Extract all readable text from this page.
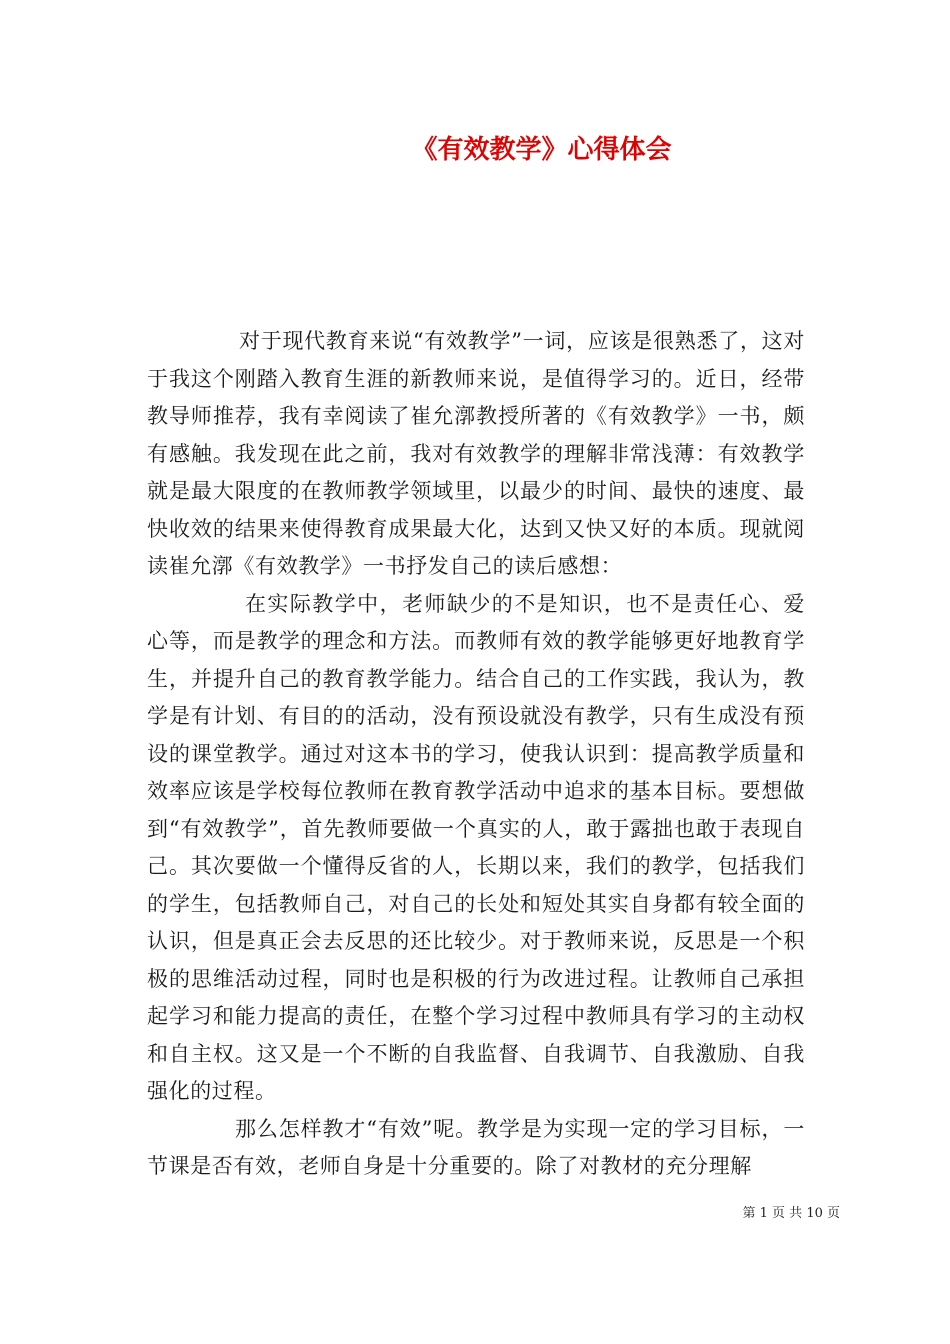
《有效教学》心得体会

对于现代教育来说“有效教学”一词，应该是很熟悉了，这对于我这个刚踏入教育生涯的新教师来说，是值得学习的。近日，经带教导师推荐，我有幸阅读了崔允漷教授所著的《有效教学》一书，颇有感触。我发现在此之前，我对有效教学的理解非常浅薄：有效教学就是最大限度的在教师教学领域里，以最少的时间、最快的速度、最快收效的结果来使得教育成果最大化，达到又快又好的本质。现就阅读崔允漷《有效教学》一书抒发自己的读后感想：

在实际教学中，老师缺少的不是知识，也不是责任心、爱心等，而是教学的理念和方法。而教师有效的教学能够更好地教育学生，并提升自己的教育教学能力。结合自己的工作实践，我认为，教学是有计划、有目的的活动，没有预设就没有教学，只有生成没有预设的课堂教学。通过对这本书的学习，使我认识到：提高教学质量和效率应该是学校每位教师在教育教学活动中追求的基本目标。要想做到“有效教学”，首先教师要做一个真实的人，敢于露拙也敢于表现自己。其次要做一个懂得反省的人，长期以来，我们的教学，包括我们的学生，包括教师自己，对自己的长处和短处其实自身都有较全面的认识，但是真正会去反思的还比较少。对于教师来说，反思是一个积极的思维活动过程，同时也是积极的行为改进过程。让教师自己承担起学习和能力提高的责任，在整个学习过程中教师具有学习的主动权和自主权。这又是一个不断的自我监督、自我调节、自我激励、自我强化的过程。

那么怎样教才“有效”呢。教学是为实现一定的学习目标，一节课是否有效，老师自身是十分重要的。除了对教材的充分理解

第 1 页 共 10 页
